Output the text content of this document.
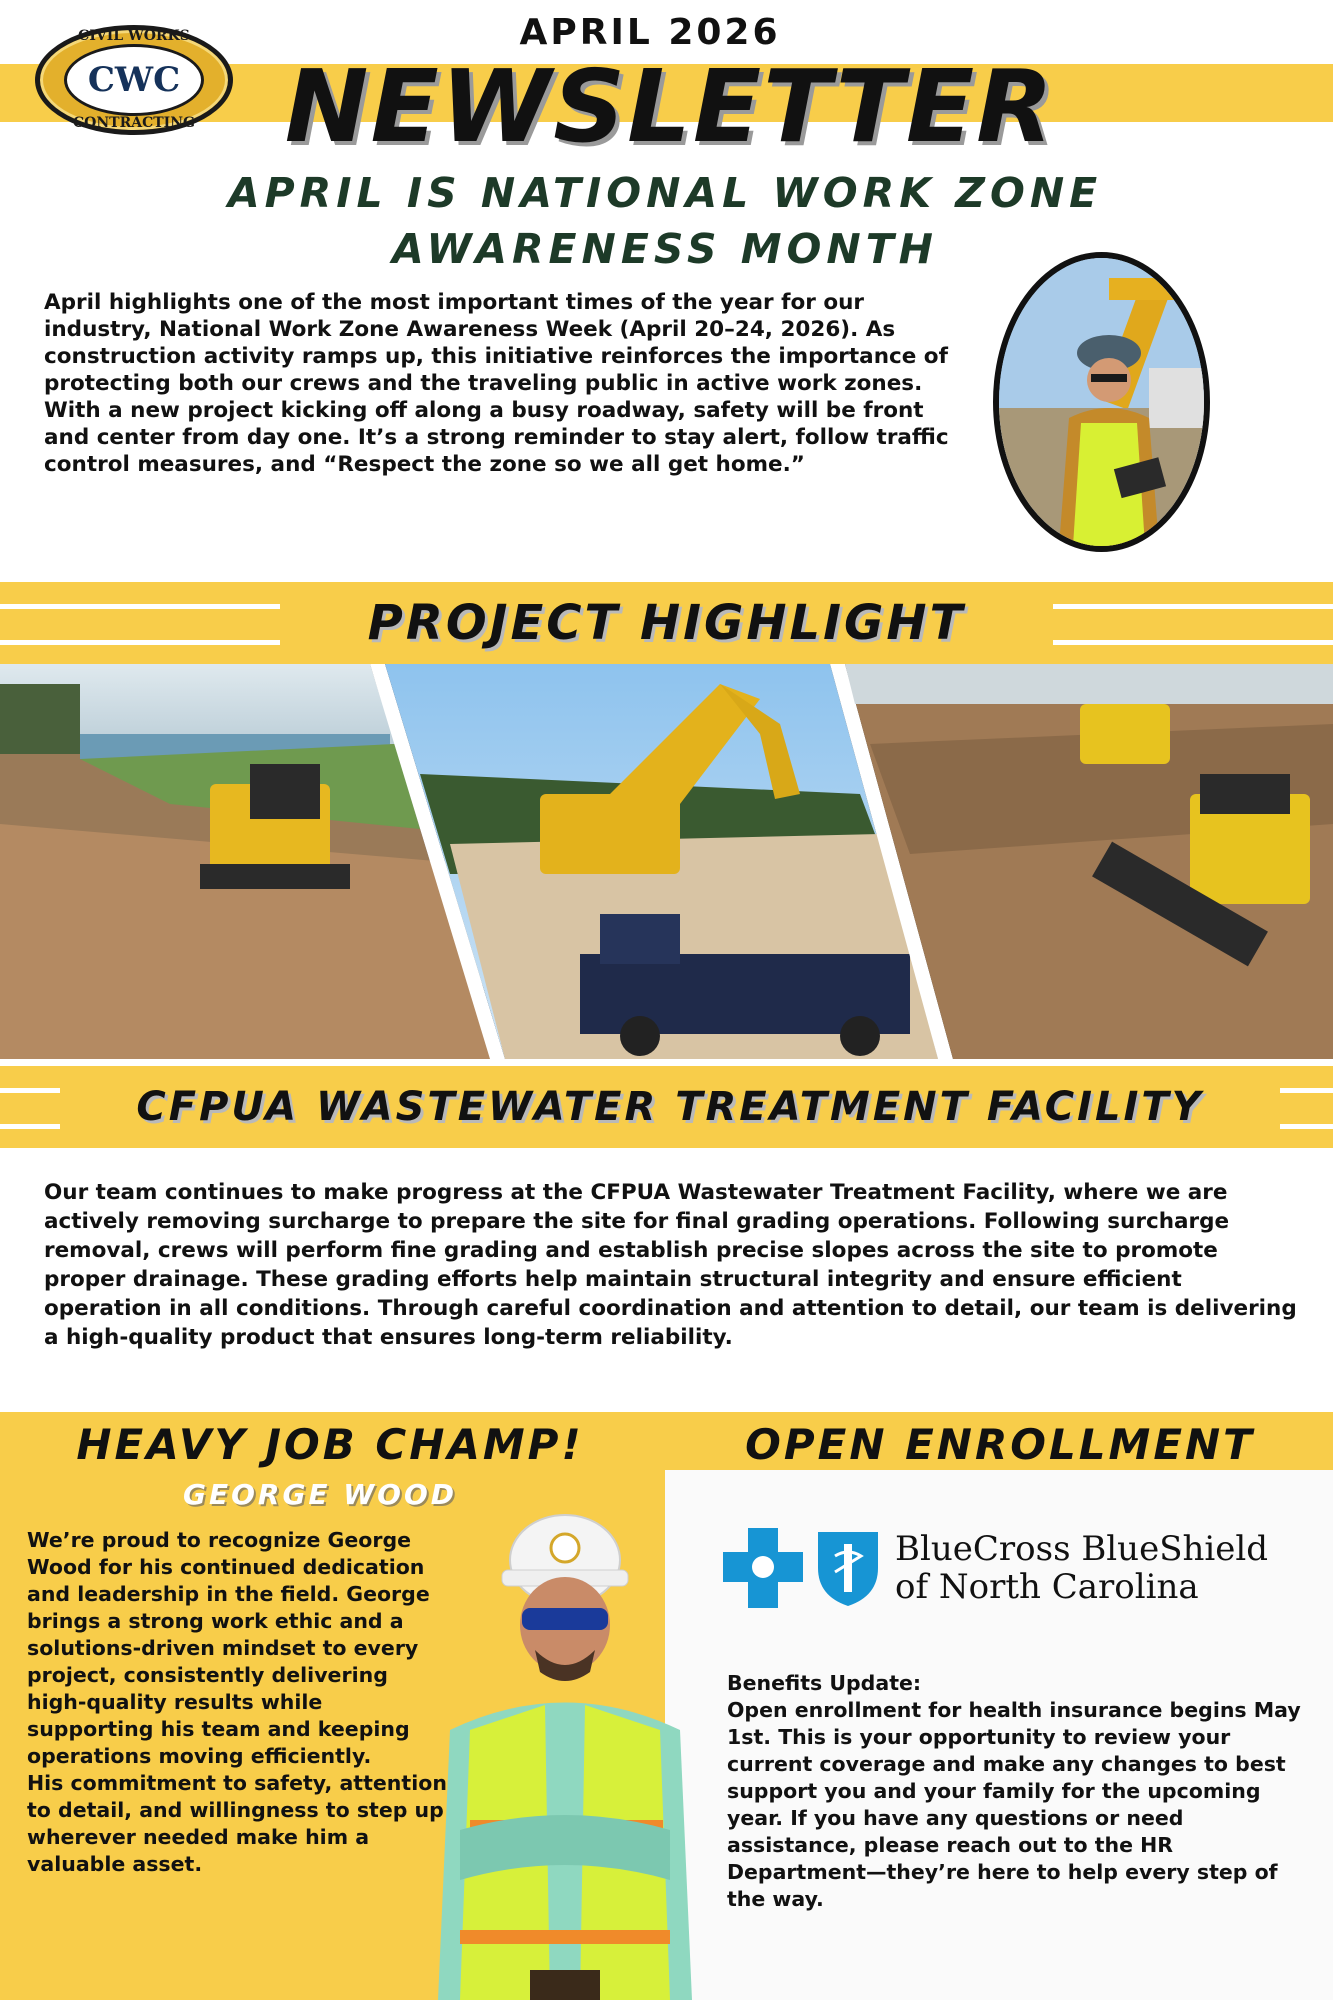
CIVIL WORKS
CWC
CONTRACTING
APRIL 2026
NEWSLETTER
APRIL IS NATIONAL WORK ZONE
AWARENESS MONTH

April highlights one of the most important times of the year for our industry, National Work Zone Awareness Week (April 20–24, 2026). As construction activity ramps up, this initiative reinforces the importance of protecting both our crews and the traveling public in active work zones. With a new project kicking off along a busy roadway, safety will be front and center from day one. It’s a strong reminder to stay alert, follow traffic control measures, and “Respect the zone so we all get home.”

PROJECT HIGHLIGHT
CFPUA WASTEWATER TREATMENT FACILITY

Our team continues to make progress at the CFPUA Wastewater Treatment Facility, where we are actively removing surcharge to prepare the site for final grading operations. Following surcharge removal, crews will perform fine grading and establish precise slopes across the site to promote proper drainage. These grading efforts help maintain structural integrity and ensure efficient operation in all conditions. Through careful coordination and attention to detail, our team is delivering a high-quality product that ensures long-term reliability.

HEAVY JOB CHAMP!	OPEN ENROLLMENT
GEORGE WOOD

We’re proud to recognize George Wood for his continued dedication and leadership in the field. George brings a strong work ethic and a solutions-driven mindset to every project, consistently delivering high-quality results while supporting his team and keeping operations moving efficiently.

His commitment to safety, attention to detail, and willingness to step up wherever needed make him a valuable asset.

BlueCross BlueShield
of North Carolina
Benefits Update:

Open enrollment for health insurance begins May 1st. This is your opportunity to review your current coverage and make any changes to best support you and your family for the upcoming year. If you have any questions or need assistance, please reach out to the HR Department—they’re here to help every step of the way.
